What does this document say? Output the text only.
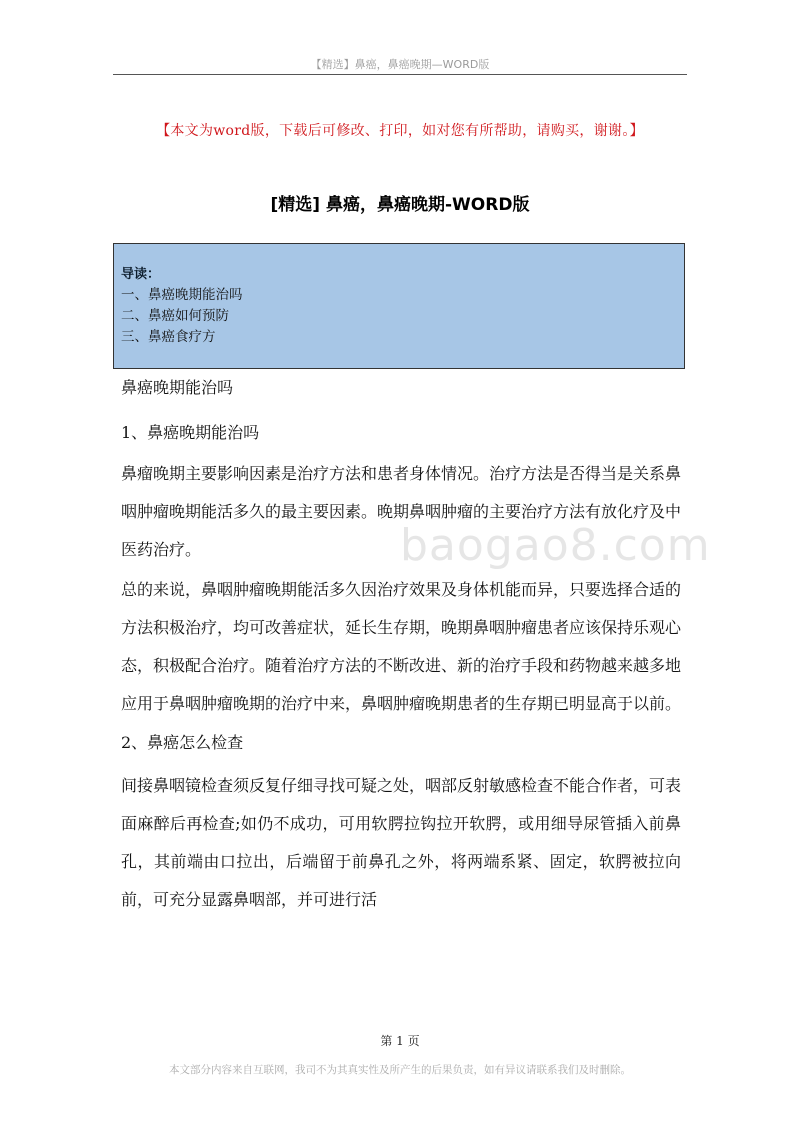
【精选】鼻癌，鼻癌晚期—WORD版
【本文为word版，下载后可修改、打印，如对您有所帮助，请购买，谢谢。】
[精选] 鼻癌，鼻癌晚期-WORD版
导读：
一、鼻癌晚期能治吗
二、鼻癌如何预防
三、鼻癌食疗方
baogao8.com

鼻癌晚期能治吗

1、鼻癌晚期能治吗

鼻瘤晚期主要影响因素是治疗方法和患者身体情况。治疗方法是否得当是关系鼻咽肿瘤晚期能活多久的最主要因素。晚期鼻咽肿瘤的主要治疗方法有放化疗及中医药治疗。

总的来说，鼻咽肿瘤晚期能活多久因治疗效果及身体机能而异，只要选择合适的方法积极治疗，均可改善症状，延长生存期，晚期鼻咽肿瘤患者应该保持乐观心态，积极配合治疗。随着治疗方法的不断改进、新的治疗手段和药物越来越多地应用于鼻咽肿瘤晚期的治疗中来，鼻咽肿瘤晚期患者的生存期已明显高于以前。

2、鼻癌怎么检查

间接鼻咽镜检查须反复仔细寻找可疑之处，咽部反射敏感检查不能合作者，可表面麻醉后再检查;如仍不成功，可用软腭拉钩拉开软腭，或用细导尿管插入前鼻孔，其前端由口拉出，后端留于前鼻孔之外，将两端系紧、固定，软腭被拉向前，可充分显露鼻咽部，并可进行活

第 1 页
本文部分内容来自互联网，我司不为其真实性及所产生的后果负责，如有异议请联系我们及时删除。
